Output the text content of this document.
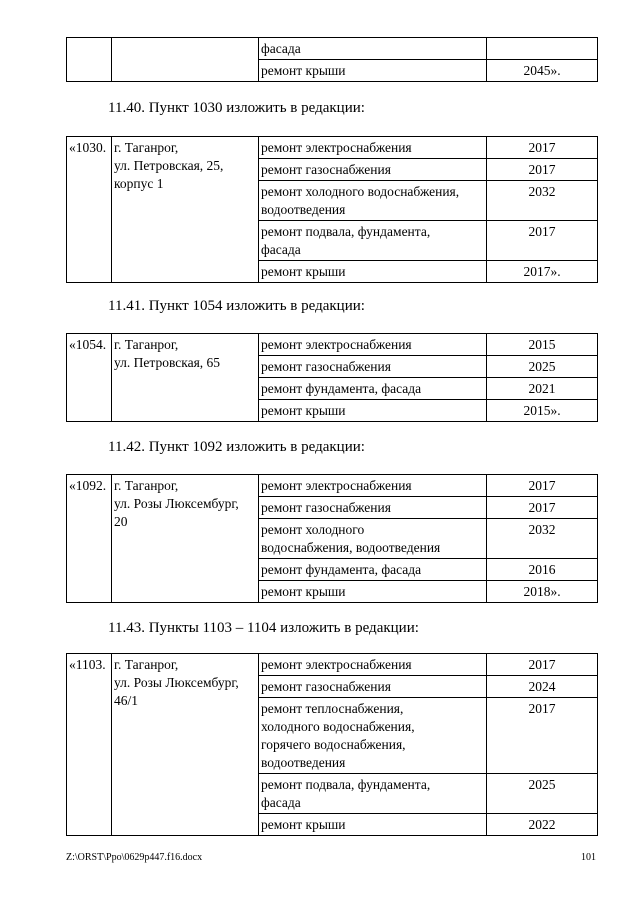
		фасада	
		ремонт крыши	2045».
11.40. Пункт 1030 изложить в редакции:
«1030.	г. Таганрог,
ул. Петровская, 25,
корпус 1	ремонт электроснабжения	2017
		ремонт газоснабжения	2017
		ремонт холодного водоснабжения,
водоотведения	2032
		ремонт подвала, фундамента,
фасада	2017
		ремонт крыши	2017».
11.41. Пункт 1054 изложить в редакции:
«1054.	г. Таганрог,
ул. Петровская, 65	ремонт электроснабжения	2015
		ремонт газоснабжения	2025
		ремонт фундамента, фасада	2021
		ремонт крыши	2015».
11.42. Пункт 1092 изложить в редакции:
«1092.	г. Таганрог,
ул. Розы Люксембург,
20	ремонт электроснабжения	2017
		ремонт газоснабжения	2017
		ремонт холодного
водоснабжения, водоотведения	2032
		ремонт фундамента, фасада	2016
		ремонт крыши	2018».
11.43. Пункты 1103 – 1104 изложить в редакции:
«1103.	г. Таганрог,
ул. Розы Люксембург,
46/1	ремонт электроснабжения	2017
		ремонт газоснабжения	2024
		ремонт теплоснабжения,
холодного водоснабжения,
горячего водоснабжения,
водоотведения	2017
		ремонт подвала, фундамента,
фасада	2025
		ремонт крыши	2022
Z:\ORST\Ppo\0629p447.f16.docx	101
